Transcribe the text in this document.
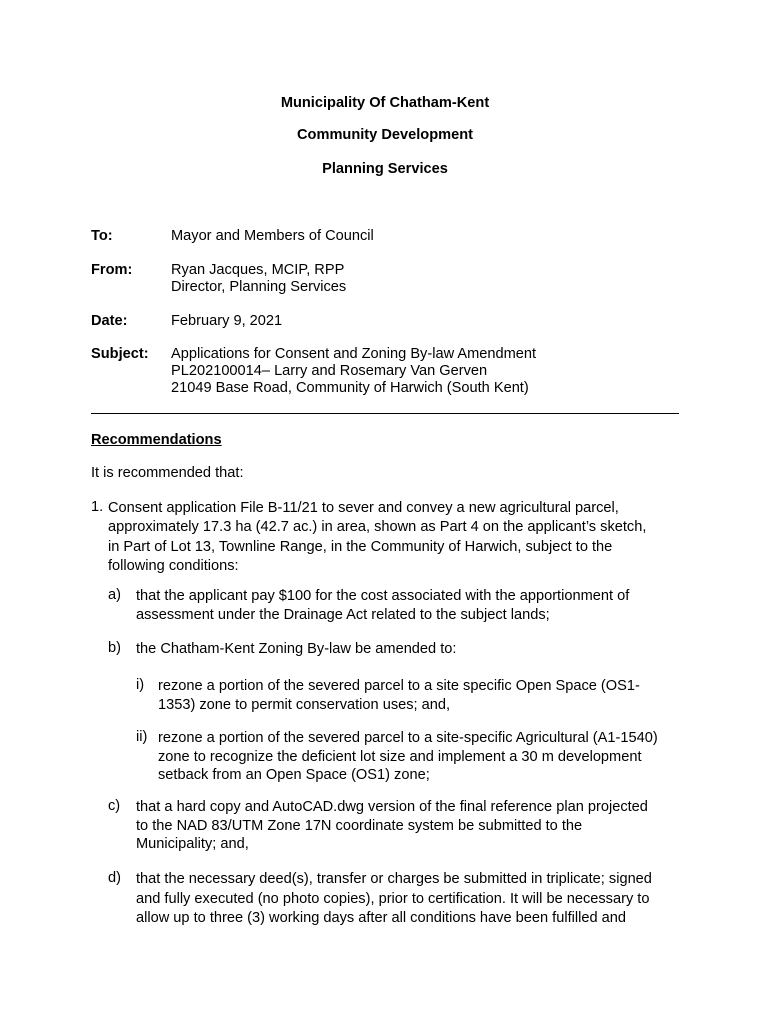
Municipality Of Chatham-Kent
Community Development
Planning Services
To:	Mayor and Members of Council
From:	Ryan Jacques, MCIP, RPP
Director, Planning Services
Date:	February 9, 2021
Subject: Applications for Consent and Zoning By-law Amendment
PL202100014– Larry and Rosemary Van Gerven
21049 Base Road, Community of Harwich (South Kent)
Recommendations
It is recommended that:
1. Consent application File B-11/21 to sever and convey a new agricultural parcel,
approximately 17.3 ha (42.7 ac.) in area, shown as Part 4 on the applicant’s sketch,
in Part of Lot 13, Townline Range, in the Community of Harwich, subject to the
following conditions:
a) that the applicant pay $100 for the cost associated with the apportionment of
assessment under the Drainage Act related to the subject lands;
b) the Chatham-Kent Zoning By-law be amended to:
i) rezone a portion of the severed parcel to a site specific Open Space (OS1-
1353) zone to permit conservation uses; and,
ii) rezone a portion of the severed parcel to a site-specific Agricultural (A1-1540)
zone to recognize the deficient lot size and implement a 30 m development
setback from an Open Space (OS1) zone;
c) that a hard copy and AutoCAD.dwg version of the final reference plan projected
to the NAD 83/UTM Zone 17N coordinate system be submitted to the
Municipality; and,
d) that the necessary deed(s), transfer or charges be submitted in triplicate; signed
and fully executed (no photo copies), prior to certification. It will be necessary to
allow up to three (3) working days after all conditions have been fulfilled and
